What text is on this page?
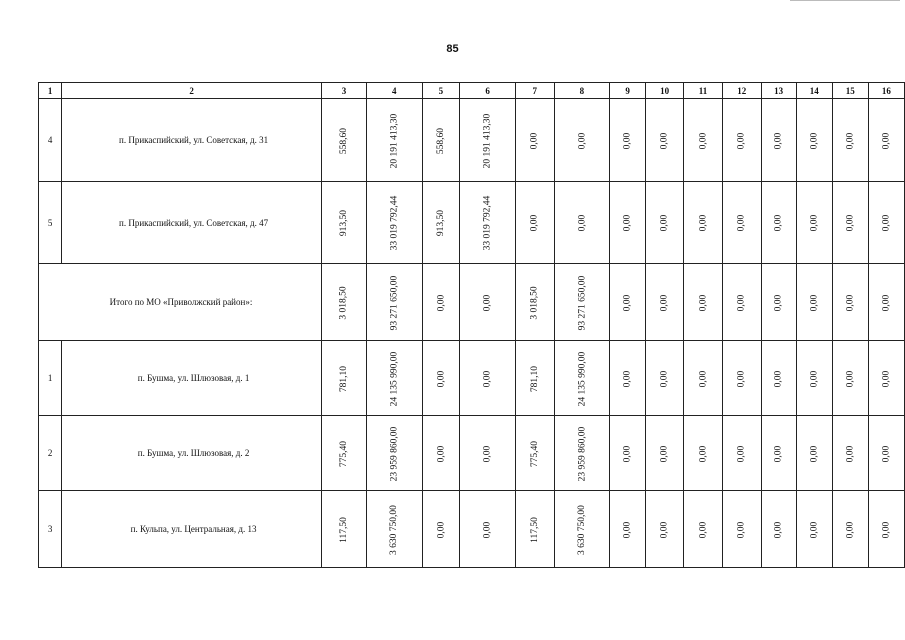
85
1	2	3	4	5	6	7	8	9	10	11	12	13	14	15	16
4	п. Прикаспийский, ул. Советская, д. 31	558,60	20 191 413,30	558,60	20 191 413,30	0,00	0,00	0,00	0,00	0,00	0,00	0,00	0,00	0,00	0,00
5	п. Прикаспийский, ул. Советская, д. 47	913,50	33 019 792,44	913,50	33 019 792,44	0,00	0,00	0,00	0,00	0,00	0,00	0,00	0,00	0,00	0,00
Итого по МО «Приволжский район»:		3 018,50	93 271 650,00	0,00	0,00	3 018,50	93 271 650,00	0,00	0,00	0,00	0,00	0,00	0,00	0,00	0,00
1	п. Бушма, ул. Шлюзовая, д. 1	781,10	24 135 990,00	0,00	0,00	781,10	24 135 990,00	0,00	0,00	0,00	0,00	0,00	0,00	0,00	0,00
2	п. Бушма, ул. Шлюзовая, д. 2	775,40	23 959 860,00	0,00	0,00	775,40	23 959 860,00	0,00	0,00	0,00	0,00	0,00	0,00	0,00	0,00
3	п. Кульпа, ул. Центральная, д. 13	117,50	3 630 750,00	0,00	0,00	117,50	3 630 750,00	0,00	0,00	0,00	0,00	0,00	0,00	0,00	0,00
